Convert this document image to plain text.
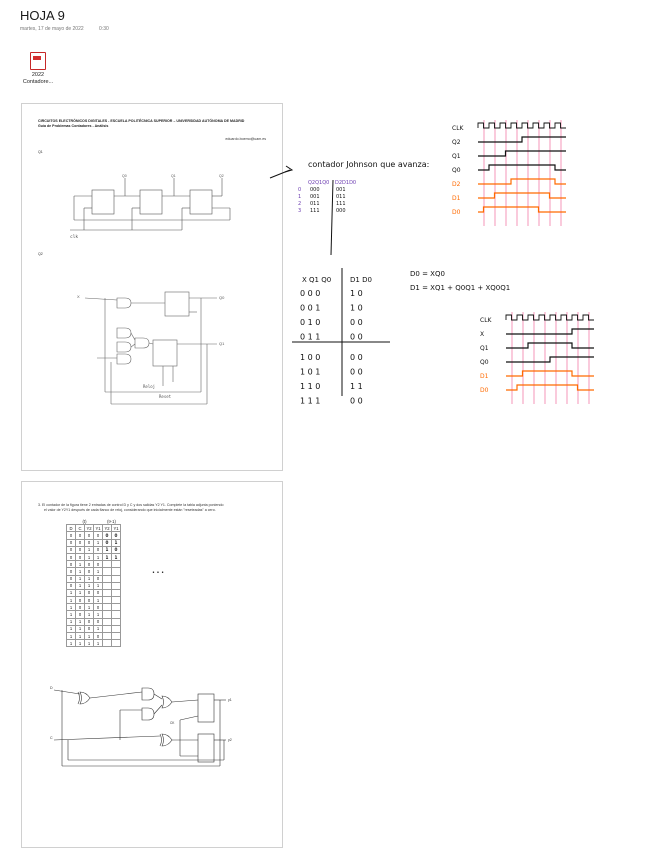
HOJA 9
martes, 17 de mayo de 2022	0:30
2022
Contadore...
CIRCUITOS ELECTRÓNICOS DIGITALES - ESCUELA POLITÉCNICA SUPERIOR – UNIVERSIDAD AUTÓNOMA DE MADRID
Guía de Problemas Contadores - Análisis
eduardo.boemo@uam.es
Q1
Q2
Q0	Q1	Q2
clk
X	Q0
Q1
Reloj
Reset
3. El contador de la figura tiene 2 entradas de control D y C y dos salidas Y2 Y1. Complete la tabla adjunta poniendo
el valor de Y2Y1 después de cada flanco de reloj, considerando que inicialmente están "reseteadas" a cero.
(t)				(t+1)	
D	C	Y2	Y1	Y2	Y1
0	0	0	0	0	0
0	0	0	1	0	1
0	0	1	0	1	0
0	0	1	1	1	1
0	1	0	0		
0	1	0	1		
0	1	1	0		
0	1	1	1		
1	1	0	0		
1	0	0	1		
1	0	1	0		
1	0	1	1		
1	1	0	0		
1	1	0	1		
1	1	1	0		
1	1	1	1		
D
C
CK
y1
y2
contador Johnson que avanza:
Q2Q1Q0 D2D1D0
0 000	001
1 001	011
2 011	111
3 111	000
D0 = XQ0
D1 = XQ1 + Q0Q1 + XQ0Q1
X Q1 Q0	D1 D0
0 0 0	1 0
0 0 1	1 0
0 1 0	0 0
0 1 1	0 0
1 0 0	0 0
1 0 1	0 0
1 1 0	1 1
1 1 1	0 0
• • •
CLK
Q2
Q1
Q0
D2
D1
D0
CLK
X
Q1
Q0
D1
D0
